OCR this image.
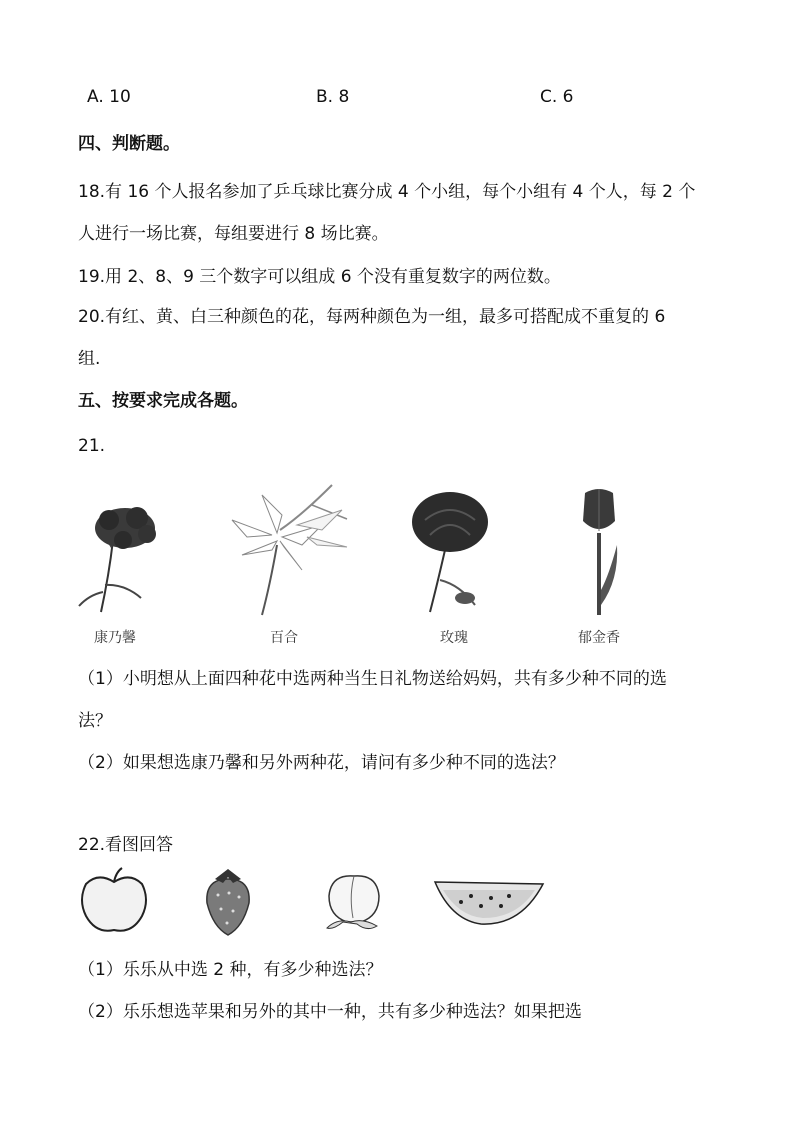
A. 10	B. 8	C. 6
四、判断题。
18.有 16 个人报名参加了乒乓球比赛分成 4 个小组，每个小组有 4 个人，每 2 个
人进行一场比赛，每组要进行 8 场比赛。
19.用 2、8、9 三个数字可以组成 6 个没有重复数字的两位数。
20.有红、黄、白三种颜色的花，每两种颜色为一组，最多可搭配成不重复的 6
组.
五、按要求完成各题。
21.
康乃馨	百合	玫瑰	郁金香
（1）小明想从上面四种花中选两种当生日礼物送给妈妈，共有多少种不同的选
法？
（2）如果想选康乃馨和另外两种花，请问有多少种不同的选法？
22.看图回答
（1）乐乐从中选 2 种，有多少种选法？
（2）乐乐想选苹果和另外的其中一种，共有多少种选法？如果把选
